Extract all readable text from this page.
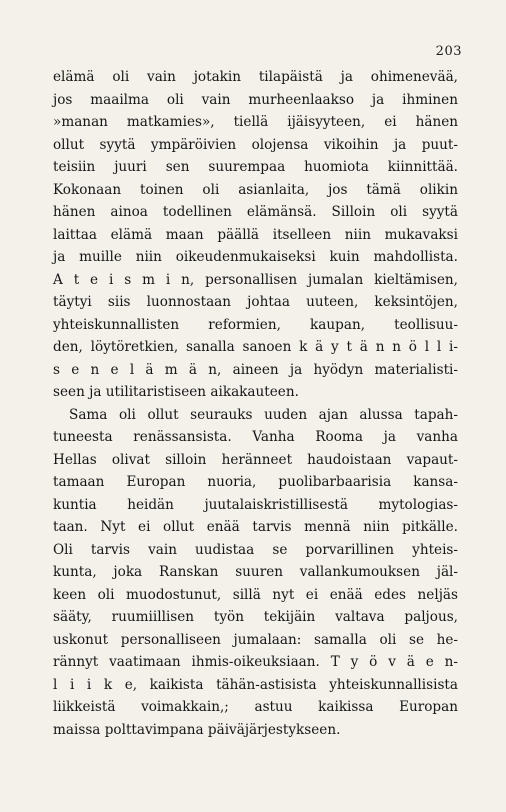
203
elämä oli vain jotakin tilapäistä ja ohimenevää,
jos maailma oli vain murheenlaakso ja ihminen
»manan matkamies», tiellä ijäisyyteen, ei hänen
ollut syytä ympäröivien olojensa vikoihin ja puut-
teisiin juuri sen suurempaa huomiota kiinnittää.
Kokonaan toinen oli asianlaita, jos tämä olikin
hänen ainoa todellinen elämänsä. Silloin oli syytä
laittaa elämä maan päällä itselleen niin mukavaksi
ja muille niin oikeudenmukaiseksi kuin mahdollista.
A t e i s m i n, personallisen jumalan kieltämisen,
täytyi siis luonnostaan johtaa uuteen, keksintöjen,
yhteiskunnallisten reformien, kaupan, teollisuu-
den, löytöretkien, sanalla sanoen k ä y t ä n n ö l l i-
s e n e l ä m ä n, aineen ja hyödyn materialisti-
seen ja utilitaristiseen aikakauteen.
Sama oli ollut seurauks uuden ajan alussa tapah-
tuneesta renässansista. Vanha Rooma ja vanha
Hellas olivat silloin heränneet haudoistaan vapaut-
tamaan Europan nuoria, puolibarbaarisia kansa-
kuntia heidän juutalaiskristillisestä mytologias-
taan. Nyt ei ollut enää tarvis mennä niin pitkälle.
Oli tarvis vain uudistaa se porvarillinen yhteis-
kunta, joka Ranskan suuren vallankumouksen jäl-
keen oli muodostunut, sillä nyt ei enää edes neljäs
sääty, ruumiillisen työn tekijäin valtava paljous,
uskonut personalliseen jumalaan: samalla oli se he-
rännyt vaatimaan ihmis-oikeuksiaan. T y ö v ä e n-
l i i k e, kaikista tähän-astisista yhteiskunnallisista
liikkeistä voimakkain,; astuu kaikissa Europan
maissa polttavimpana päiväjärjestykseen.
